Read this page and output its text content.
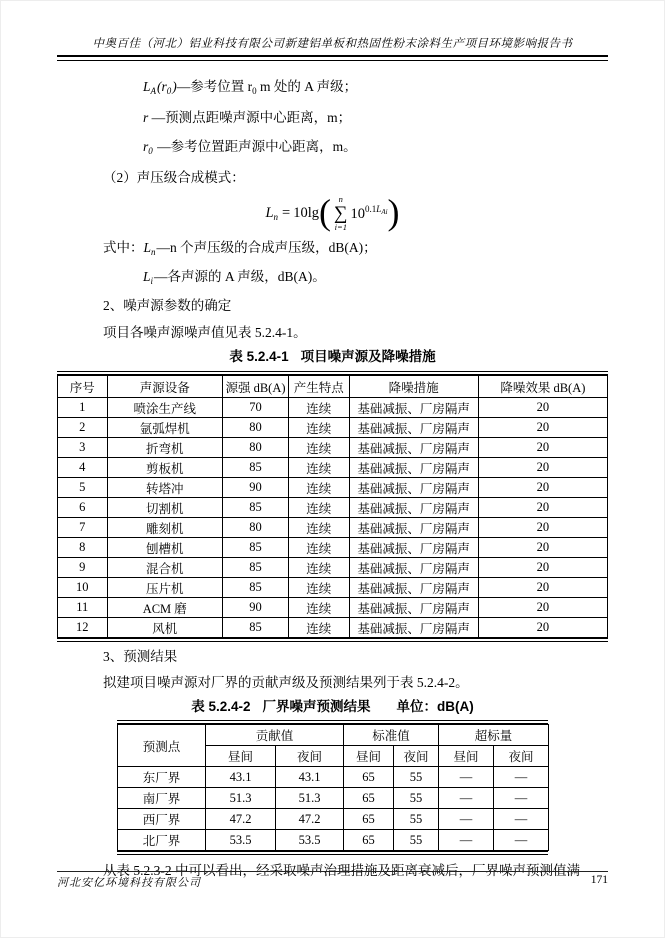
中奥百佳（河北）铝业科技有限公司新建铝单板和热固性粉末涂料生产项目环境影响报告书
$L_A(r_0)—$参考位置 $r_0$ m 处的 A 声级；
r —预测点距噪声源中心距离，m；
$r_0$ —参考位置距声源中心距离，m。
（2）声压级合成模式：
$L_n = 10\lg$ ( n
∑
i=1
$10^{0.1L_{Ai}}$ )
式中：$L_n—n$ 个声压级的合成声压级，dB(A)；
$L_i—$各声源的 A 声级，dB(A)。
2、噪声源参数的确定
项目各噪声源噪声值见表 5.2.4-1。
表 5.2.4-1 项目噪声源及降噪措施
序号	声源设备	源强 dB(A)	产生特点	降噪措施	降噪效果 dB(A)
1	喷涂生产线	70	连续	基础减振、厂房隔声	20
2	氩弧焊机	80	连续	基础减振、厂房隔声	20
3	折弯机	80	连续	基础减振、厂房隔声	20
4	剪板机	85	连续	基础减振、厂房隔声	20
5	转塔冲	90	连续	基础减振、厂房隔声	20
6	切割机	85	连续	基础减振、厂房隔声	20
7	雕刻机	80	连续	基础减振、厂房隔声	20
8	刨槽机	85	连续	基础减振、厂房隔声	20
9	混合机	85	连续	基础减振、厂房隔声	20
10	压片机	85	连续	基础减振、厂房隔声	20
11	ACM 磨	90	连续	基础减振、厂房隔声	20
12	风机	85	连续	基础减振、厂房隔声	20
3、预测结果
拟建项目噪声源对厂界的贡献声级及预测结果列于表 5.2.4-2。
表 5.2.4-2 厂界噪声预测结果 单位：dB(A)
预测点	贡献值		标准值		超标量	
	昼间	夜间	昼间	夜间	昼间	夜间
东厂界	43.1	43.1	65	55	—	—
南厂界	51.3	51.3	65	55	—	—
西厂界	47.2	47.2	65	55	—	—
北厂界	53.5	53.5	65	55	—	—
从表 5.2.3-2 中可以看出，经采取噪声治理措施及距离衰减后，厂界噪声预测值满
河北安亿环境科技有限公司	171
